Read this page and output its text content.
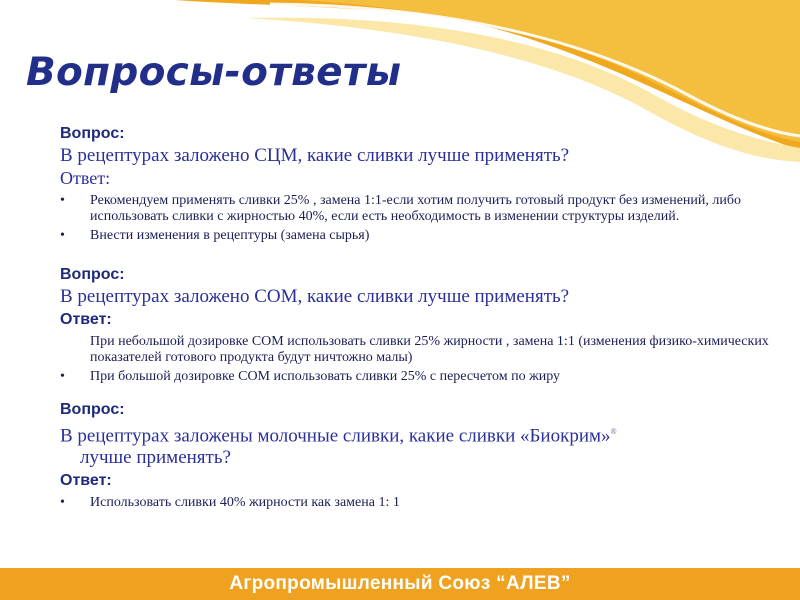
Вопросы-ответы

Вопрос:

В рецептурах заложено СЦМ, какие сливки лучше применять?

Ответ:

• Рекомендуем применять сливки 25% , замена 1:1-если хотим получить готовый продукт без изменений, либо использовать сливки с жирностью 40%, если есть необходимость в изменении структуры изделий.
• Внести изменения в рецептуры (замена сырья)

Вопрос:

В рецептурах заложено СОМ, какие сливки лучше применять?

Ответ:

При небольшой дозировке СОМ использовать сливки 25% жирности , замена 1:1 (изменения физико-химических показателей готового продукта будут ничтожно малы)
• При большой дозировке СОМ использовать сливки 25% с пересчетом по жиру

Вопрос:

В рецептурах заложены молочные сливки, какие сливки «Биокрим»®
лучше применять?

Ответ:

• Использовать сливки 40% жирности как замена 1: 1
Агропромышленный Союз “АЛЕВ”
